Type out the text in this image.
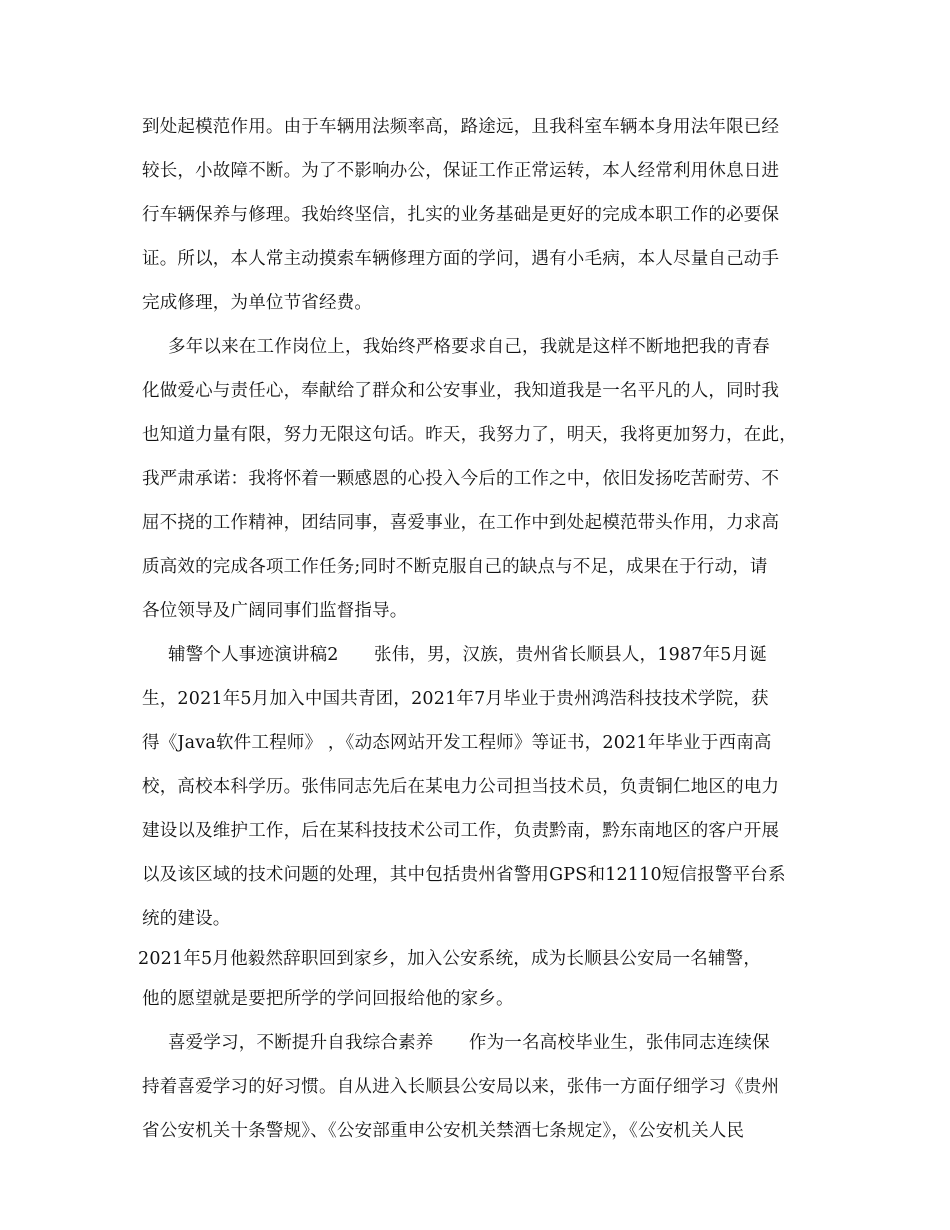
到处起模范作用。由于车辆用法频率高，路途远，且我科室车辆本身用法年限已经
较长，小故障不断。为了不影响办公，保证工作正常运转，本人经常利用休息日进
行车辆保养与修理。我始终坚信，扎实的业务基础是更好的完成本职工作的必要保
证。所以，本人常主动摸索车辆修理方面的学问，遇有小毛病，本人尽量自己动手
完成修理，为单位节省经费。
多年以来在工作岗位上，我始终严格要求自己，我就是这样不断地把我的青春
化做爱心与责任心，奉献给了群众和公安事业，我知道我是一名平凡的人，同时我
也知道力量有限，努力无限这句话。昨天，我努力了，明天，我将更加努力，在此，
我严肃承诺：我将怀着一颗感恩的心投入今后的工作之中，依旧发扬吃苦耐劳、不
屈不挠的工作精神，团结同事，喜爱事业，在工作中到处起模范带头作用，力求高
质高效的完成各项工作任务;同时不断克服自己的缺点与不足，成果在于行动，请
各位领导及广阔同事们监督指导。
辅警个人事迹演讲稿2　　张伟，男，汉族，贵州省长顺县人，1987年5月诞
生，2021年5月加入中国共青团，2021年7月毕业于贵州鸿浩科技技术学院，获
得《Java软件工程师》 ，《动态网站开发工程师》等证书，2021年毕业于西南高
校，高校本科学历。张伟同志先后在某电力公司担当技术员，负责铜仁地区的电力
建设以及维护工作，后在某科技技术公司工作，负责黔南，黔东南地区的客户开展
以及该区域的技术问题的处理，其中包括贵州省警用GPS和12110短信报警平台系
统的建设。
2021年5月他毅然辞职回到家乡，加入公安系统，成为长顺县公安局一名辅警，
他的愿望就是要把所学的学问回报给他的家乡。
喜爱学习，不断提升自我综合素养　　作为一名高校毕业生，张伟同志连续保
持着喜爱学习的好习惯。自从进入长顺县公安局以来，张伟一方面仔细学习《贵州
省公安机关十条警规》、《公安部重申公安机关禁酒七条规定》，《公安机关人民
